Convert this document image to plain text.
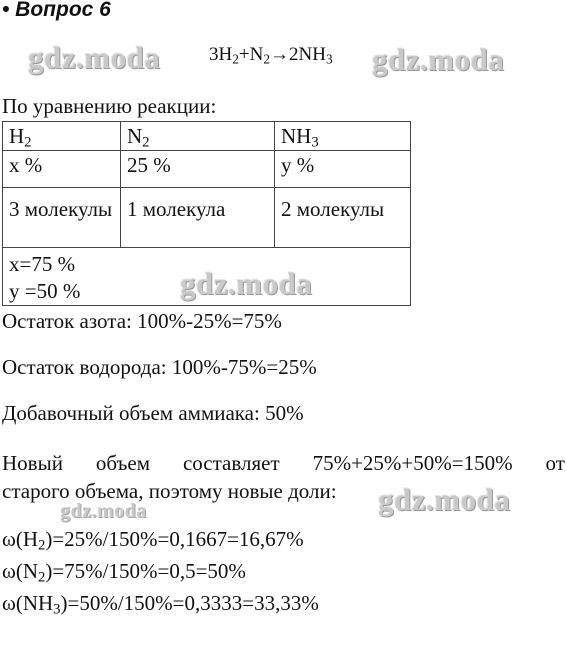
• Вопрос 6
gdz.moda	$3H_2+N_2\to 2NH_3$ gdz.moda
По уравнению реакции:
$H_2$	$N_2$	$NH_3$
x %	25 %	y %
3 молекулы	1 молекула	2 молекулы

x=75 %
y =50 %			gdz.moda
Остаток азота: 100%-25%=75%
Остаток водорода: 100%-75%=25%
Добавочный объем аммиака: 50%
Новый объем составляет 75%+25%+50%=150% от
старого объема, поэтому новые доли:	gdz.moda
gdz.moda
$\omega(H_2)=25\%/150\%=0,1667=16,67\%$
$\omega(N_2)=75\%/150\%=0,5=50\%$
$\omega(NH_3)=50\%/150\%=0,3333=33,33\%$
